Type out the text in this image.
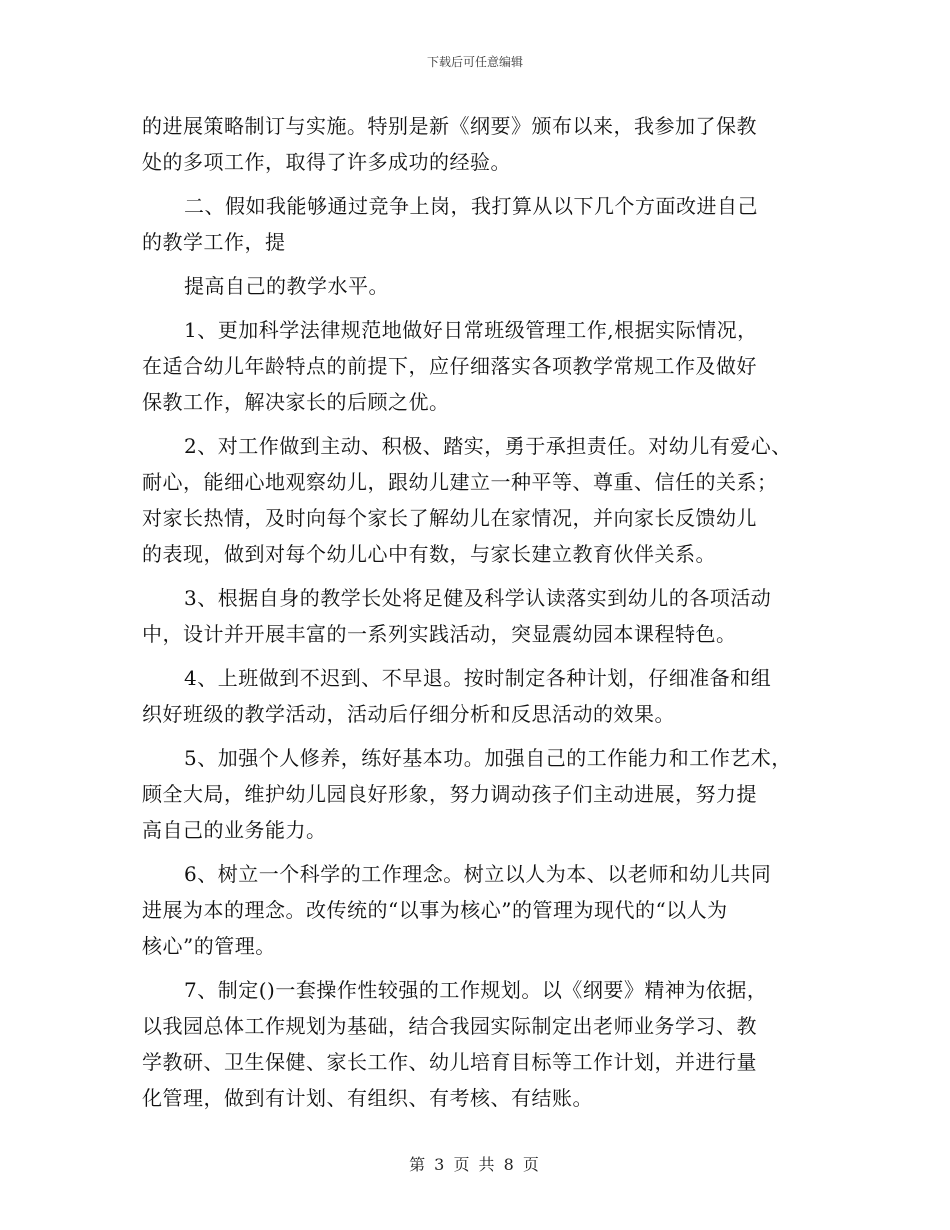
下载后可任意编辑
的进展策略制订与实施。特别是新《纲要》颁布以来，我参加了保教
处的多项工作，取得了许多成功的经验。
二、假如我能够通过竞争上岗，我打算从以下几个方面改进自己
的教学工作，提
提高自己的教学水平。
1、更加科学法律规范地做好日常班级管理工作,根据实际情况，
在适合幼儿年龄特点的前提下，应仔细落实各项教学常规工作及做好
保教工作，解决家长的后顾之优。
2、对工作做到主动、积极、踏实，勇于承担责任。对幼儿有爱心、
耐心，能细心地观察幼儿，跟幼儿建立一种平等、尊重、信任的关系；
对家长热情，及时向每个家长了解幼儿在家情况，并向家长反馈幼儿
的表现，做到对每个幼儿心中有数，与家长建立教育伙伴关系。
3、根据自身的教学长处将足健及科学认读落实到幼儿的各项活动
中，设计并开展丰富的一系列实践活动，突显震幼园本课程特色。
4、上班做到不迟到、不早退。按时制定各种计划，仔细准备和组
织好班级的教学活动，活动后仔细分析和反思活动的效果。
5、加强个人修养，练好基本功。加强自己的工作能力和工作艺术，
顾全大局，维护幼儿园良好形象，努力调动孩子们主动进展，努力提
高自己的业务能力。
6、树立一个科学的工作理念。树立以人为本、以老师和幼儿共同
进展为本的理念。改传统的“以事为核心”的管理为现代的“以人为
核心”的管理。
7、制定()一套操作性较强的工作规划。以《纲要》精神为依据，
以我园总体工作规划为基础，结合我园实际制定出老师业务学习、教
学教研、卫生保健、家长工作、幼儿培育目标等工作计划，并进行量
化管理，做到有计划、有组织、有考核、有结账。
第 3 页 共 8 页
